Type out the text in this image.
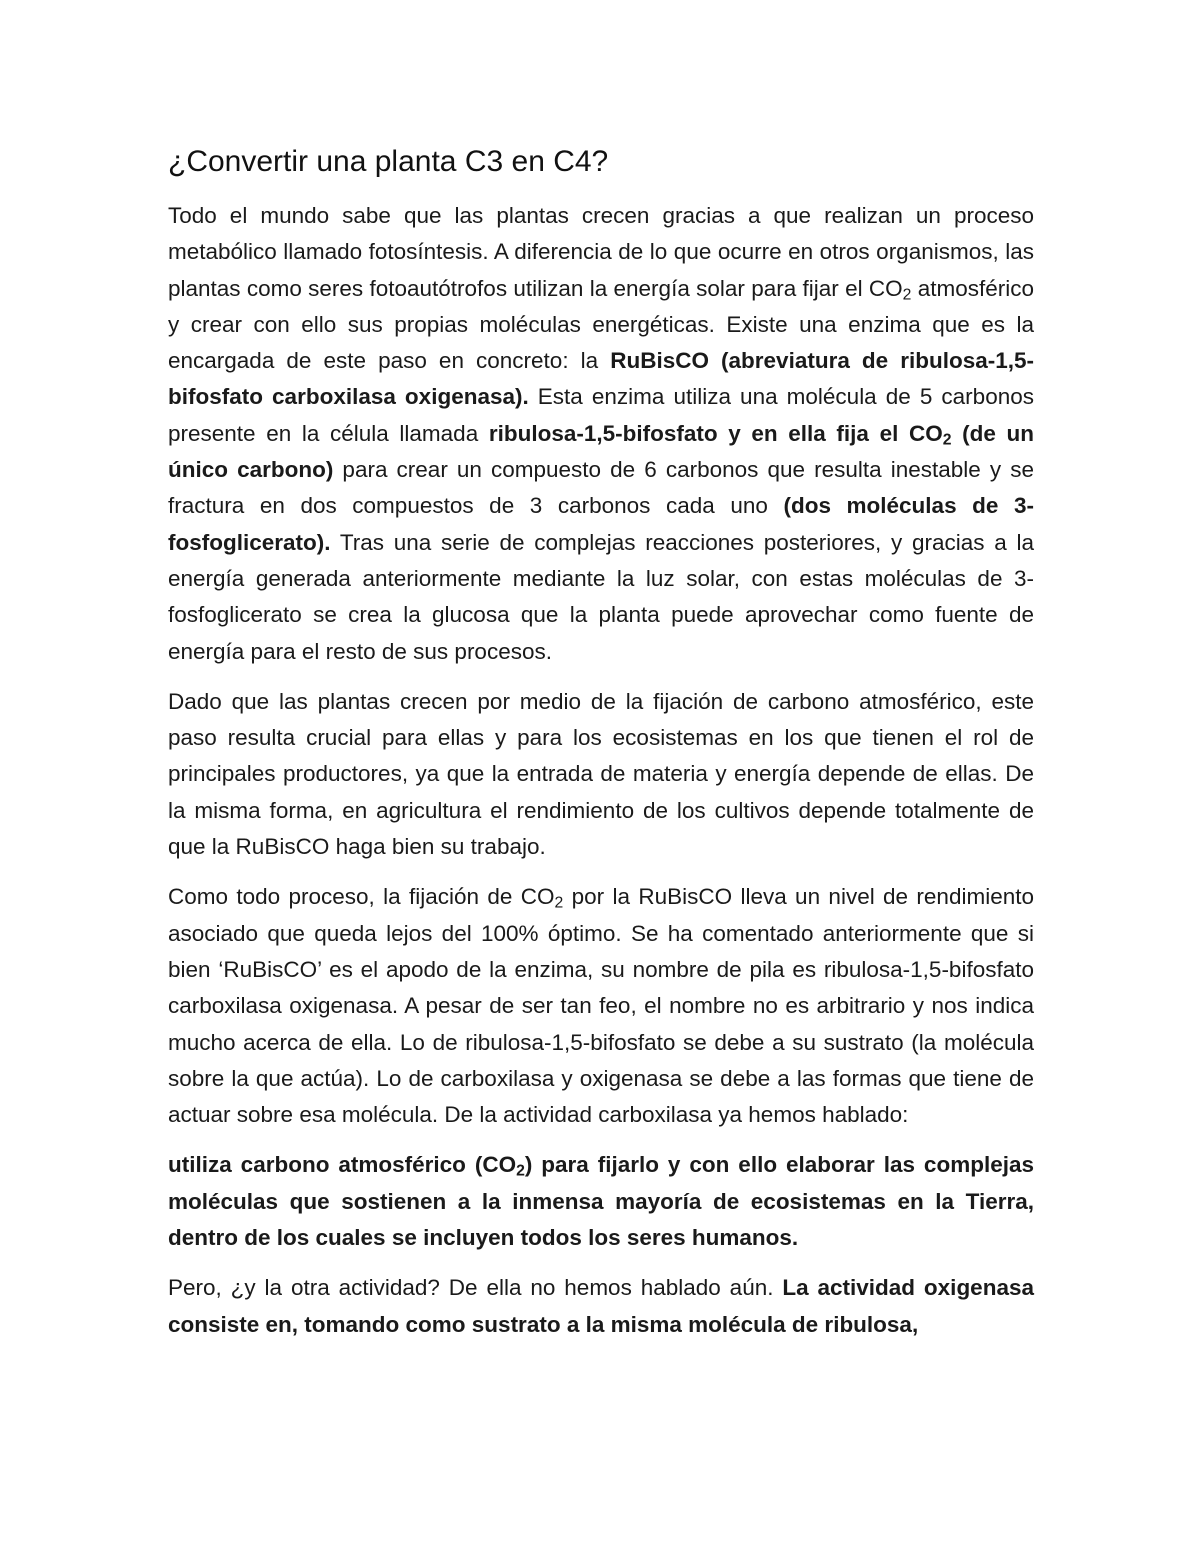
¿Convertir una planta C3 en C4?

Todo el mundo sabe que las plantas crecen gracias a que realizan un proceso metabólico llamado fotosíntesis. A diferencia de lo que ocurre en otros organismos, las plantas como seres fotoautótrofos utilizan la energía solar para fijar el $CO_2$ atmosférico y crear con ello sus propias moléculas energéticas. Existe una enzima que es la encargada de este paso en concreto: la RuBisCO (abreviatura de ribulosa-1,5-bifosfato carboxilasa oxigenasa). Esta enzima utiliza una molécula de 5 carbonos presente en la célula llamada ribulosa-1,5-bifosfato y en ella fija el $CO_2$ (de un único carbono) para crear un compuesto de 6 carbonos que resulta inestable y se fractura en dos compuestos de 3 carbonos cada uno (dos moléculas de 3-fosfoglicerato). Tras una serie de complejas reacciones posteriores, y gracias a la energía generada anteriormente mediante la luz solar, con estas moléculas de 3-fosfoglicerato se crea la glucosa que la planta puede aprovechar como fuente de energía para el resto de sus procesos.

Dado que las plantas crecen por medio de la fijación de carbono atmosférico, este paso resulta crucial para ellas y para los ecosistemas en los que tienen el rol de principales productores, ya que la entrada de materia y energía depende de ellas. De la misma forma, en agricultura el rendimiento de los cultivos depende totalmente de que la RuBisCO haga bien su trabajo.

Como todo proceso, la fijación de $CO_2$ por la RuBisCO lleva un nivel de rendimiento asociado que queda lejos del 100% óptimo. Se ha comentado anteriormente que si bien ‘RuBisCO’ es el apodo de la enzima, su nombre de pila es ribulosa-1,5-bifosfato carboxilasa oxigenasa. A pesar de ser tan feo, el nombre no es arbitrario y nos indica mucho acerca de ella. Lo de ribulosa-1,5-bifosfato se debe a su sustrato (la molécula sobre la que actúa). Lo de carboxilasa y oxigenasa se debe a las formas que tiene de actuar sobre esa molécula. De la actividad carboxilasa ya hemos hablado:

utiliza carbono atmosférico $(CO_2)$ para fijarlo y con ello elaborar las complejas moléculas que sostienen a la inmensa mayoría de ecosistemas en la Tierra, dentro de los cuales se incluyen todos los seres humanos.

Pero, ¿y la otra actividad? De ella no hemos hablado aún. La actividad oxigenasa consiste en, tomando como sustrato a la misma molécula de ribulosa,
